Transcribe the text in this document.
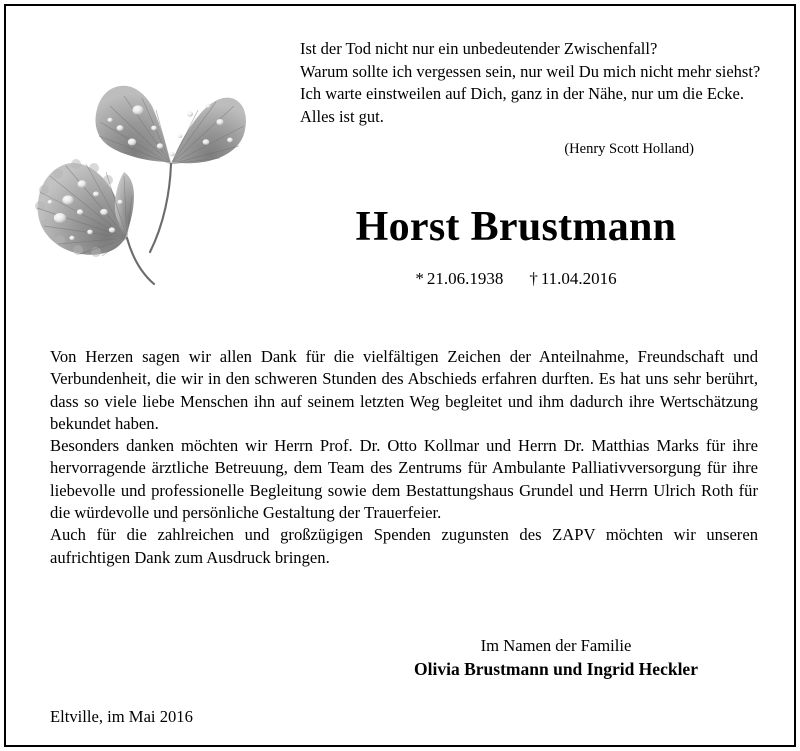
Ist der Tod nicht nur ein unbedeutender Zwischenfall?
Warum sollte ich vergessen sein, nur weil Du mich nicht mehr siehst?
Ich warte einstweilen auf Dich, ganz in der Nähe, nur um die Ecke.
Alles ist gut.
(Henry Scott Holland)
Horst Brustmann
* 21.06.1938 † 11.04.2016

Von Herzen sagen wir allen Dank für die vielfältigen Zeichen der Anteilnahme, Freundschaft und Verbundenheit, die wir in den schweren Stunden des Abschieds erfahren durften. Es hat uns sehr berührt, dass so viele liebe Menschen ihn auf seinem letzten Weg begleitet und ihm dadurch ihre Wertschätzung bekundet haben.

Besonders danken möchten wir Herrn Prof. Dr. Otto Kollmar und Herrn Dr. Matthias Marks für ihre hervorragende ärztliche Betreuung, dem Team des Zentrums für Ambulante Palliativversorgung für ihre liebevolle und professionelle Begleitung sowie dem Bestattungshaus Grundel und Herrn Ulrich Roth für die würdevolle und persönliche Gestaltung der Trauerfeier.

Auch für die zahlreichen und großzügigen Spenden zugunsten des ZAPV möchten wir unseren aufrichtigen Dank zum Ausdruck bringen.

Im Namen der Familie
Olivia Brustmann und Ingrid Heckler
Eltville, im Mai 2016
